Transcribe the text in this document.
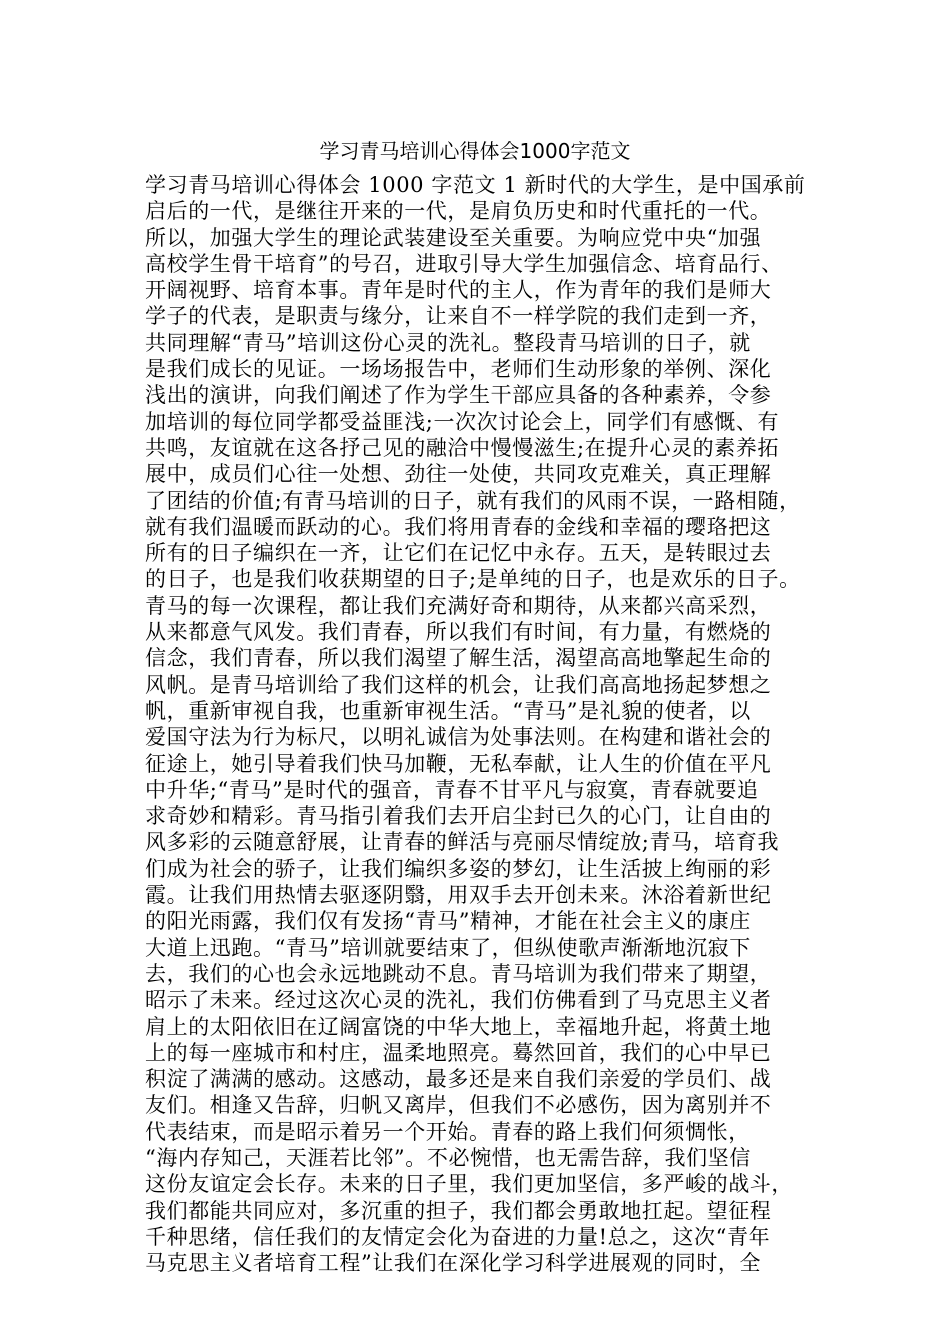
学习青马培训心得体会1000字范文
学习青马培训心得体会 1000 字范文 1 新时代的大学生，是中国承前
启后的一代，是继往开来的一代，是肩负历史和时代重托的一代。
所以，加强大学生的理论武装建设至关重要。为响应党中央“加强
高校学生骨干培育”的号召，进取引导大学生加强信念、培育品行、
开阔视野、培育本事。青年是时代的主人，作为青年的我们是师大
学子的代表，是职责与缘分，让来自不一样学院的我们走到一齐，
共同理解“青马”培训这份心灵的洗礼。整段青马培训的日子，就
是我们成长的见证。一场场报告中，老师们生动形象的举例、深化
浅出的演讲，向我们阐述了作为学生干部应具备的各种素养，令参
加培训的每位同学都受益匪浅;一次次讨论会上，同学们有感慨、有
共鸣，友谊就在这各抒己见的融洽中慢慢滋生;在提升心灵的素养拓
展中，成员们心往一处想、劲往一处使，共同攻克难关，真正理解
了团结的价值;有青马培训的日子，就有我们的风雨不误，一路相随，
就有我们温暖而跃动的心。我们将用青春的金线和幸福的璎珞把这
所有的日子编织在一齐，让它们在记忆中永存。五天，是转眼过去
的日子，也是我们收获期望的日子;是单纯的日子，也是欢乐的日子。
青马的每一次课程，都让我们充满好奇和期待，从来都兴高采烈，
从来都意气风发。我们青春，所以我们有时间，有力量，有燃烧的
信念，我们青春，所以我们渴望了解生活，渴望高高地擎起生命的
风帆。是青马培训给了我们这样的机会，让我们高高地扬起梦想之
帆，重新审视自我，也重新审视生活。“青马”是礼貌的使者，以
爱国守法为行为标尺，以明礼诚信为处事法则。在构建和谐社会的
征途上，她引导着我们快马加鞭，无私奉献，让人生的价值在平凡
中升华;“青马”是时代的强音，青春不甘平凡与寂寞，青春就要追
求奇妙和精彩。青马指引着我们去开启尘封已久的心门，让自由的
风多彩的云随意舒展，让青春的鲜活与亮丽尽情绽放;青马，培育我
们成为社会的骄子，让我们编织多姿的梦幻，让生活披上绚丽的彩
霞。让我们用热情去驱逐阴翳，用双手去开创未来。沐浴着新世纪
的阳光雨露，我们仅有发扬“青马”精神，才能在社会主义的康庄
大道上迅跑。“青马”培训就要结束了，但纵使歌声渐渐地沉寂下
去，我们的心也会永远地跳动不息。青马培训为我们带来了期望，
昭示了未来。经过这次心灵的洗礼，我们仿佛看到了马克思主义者
肩上的太阳依旧在辽阔富饶的中华大地上，幸福地升起，将黄土地
上的每一座城市和村庄，温柔地照亮。蓦然回首，我们的心中早已
积淀了满满的感动。这感动，最多还是来自我们亲爱的学员们、战
友们。相逢又告辞，归帆又离岸，但我们不必感伤，因为离别并不
代表结束，而是昭示着另一个开始。青春的路上我们何须惆怅，
“海内存知己，天涯若比邻”。不必惋惜，也无需告辞，我们坚信
这份友谊定会长存。未来的日子里，我们更加坚信，多严峻的战斗，
我们都能共同应对，多沉重的担子，我们都会勇敢地扛起。望征程
千种思绪，信任我们的友情定会化为奋进的力量!总之，这次“青年
马克思主义者培育工程”让我们在深化学习科学进展观的同时，全
